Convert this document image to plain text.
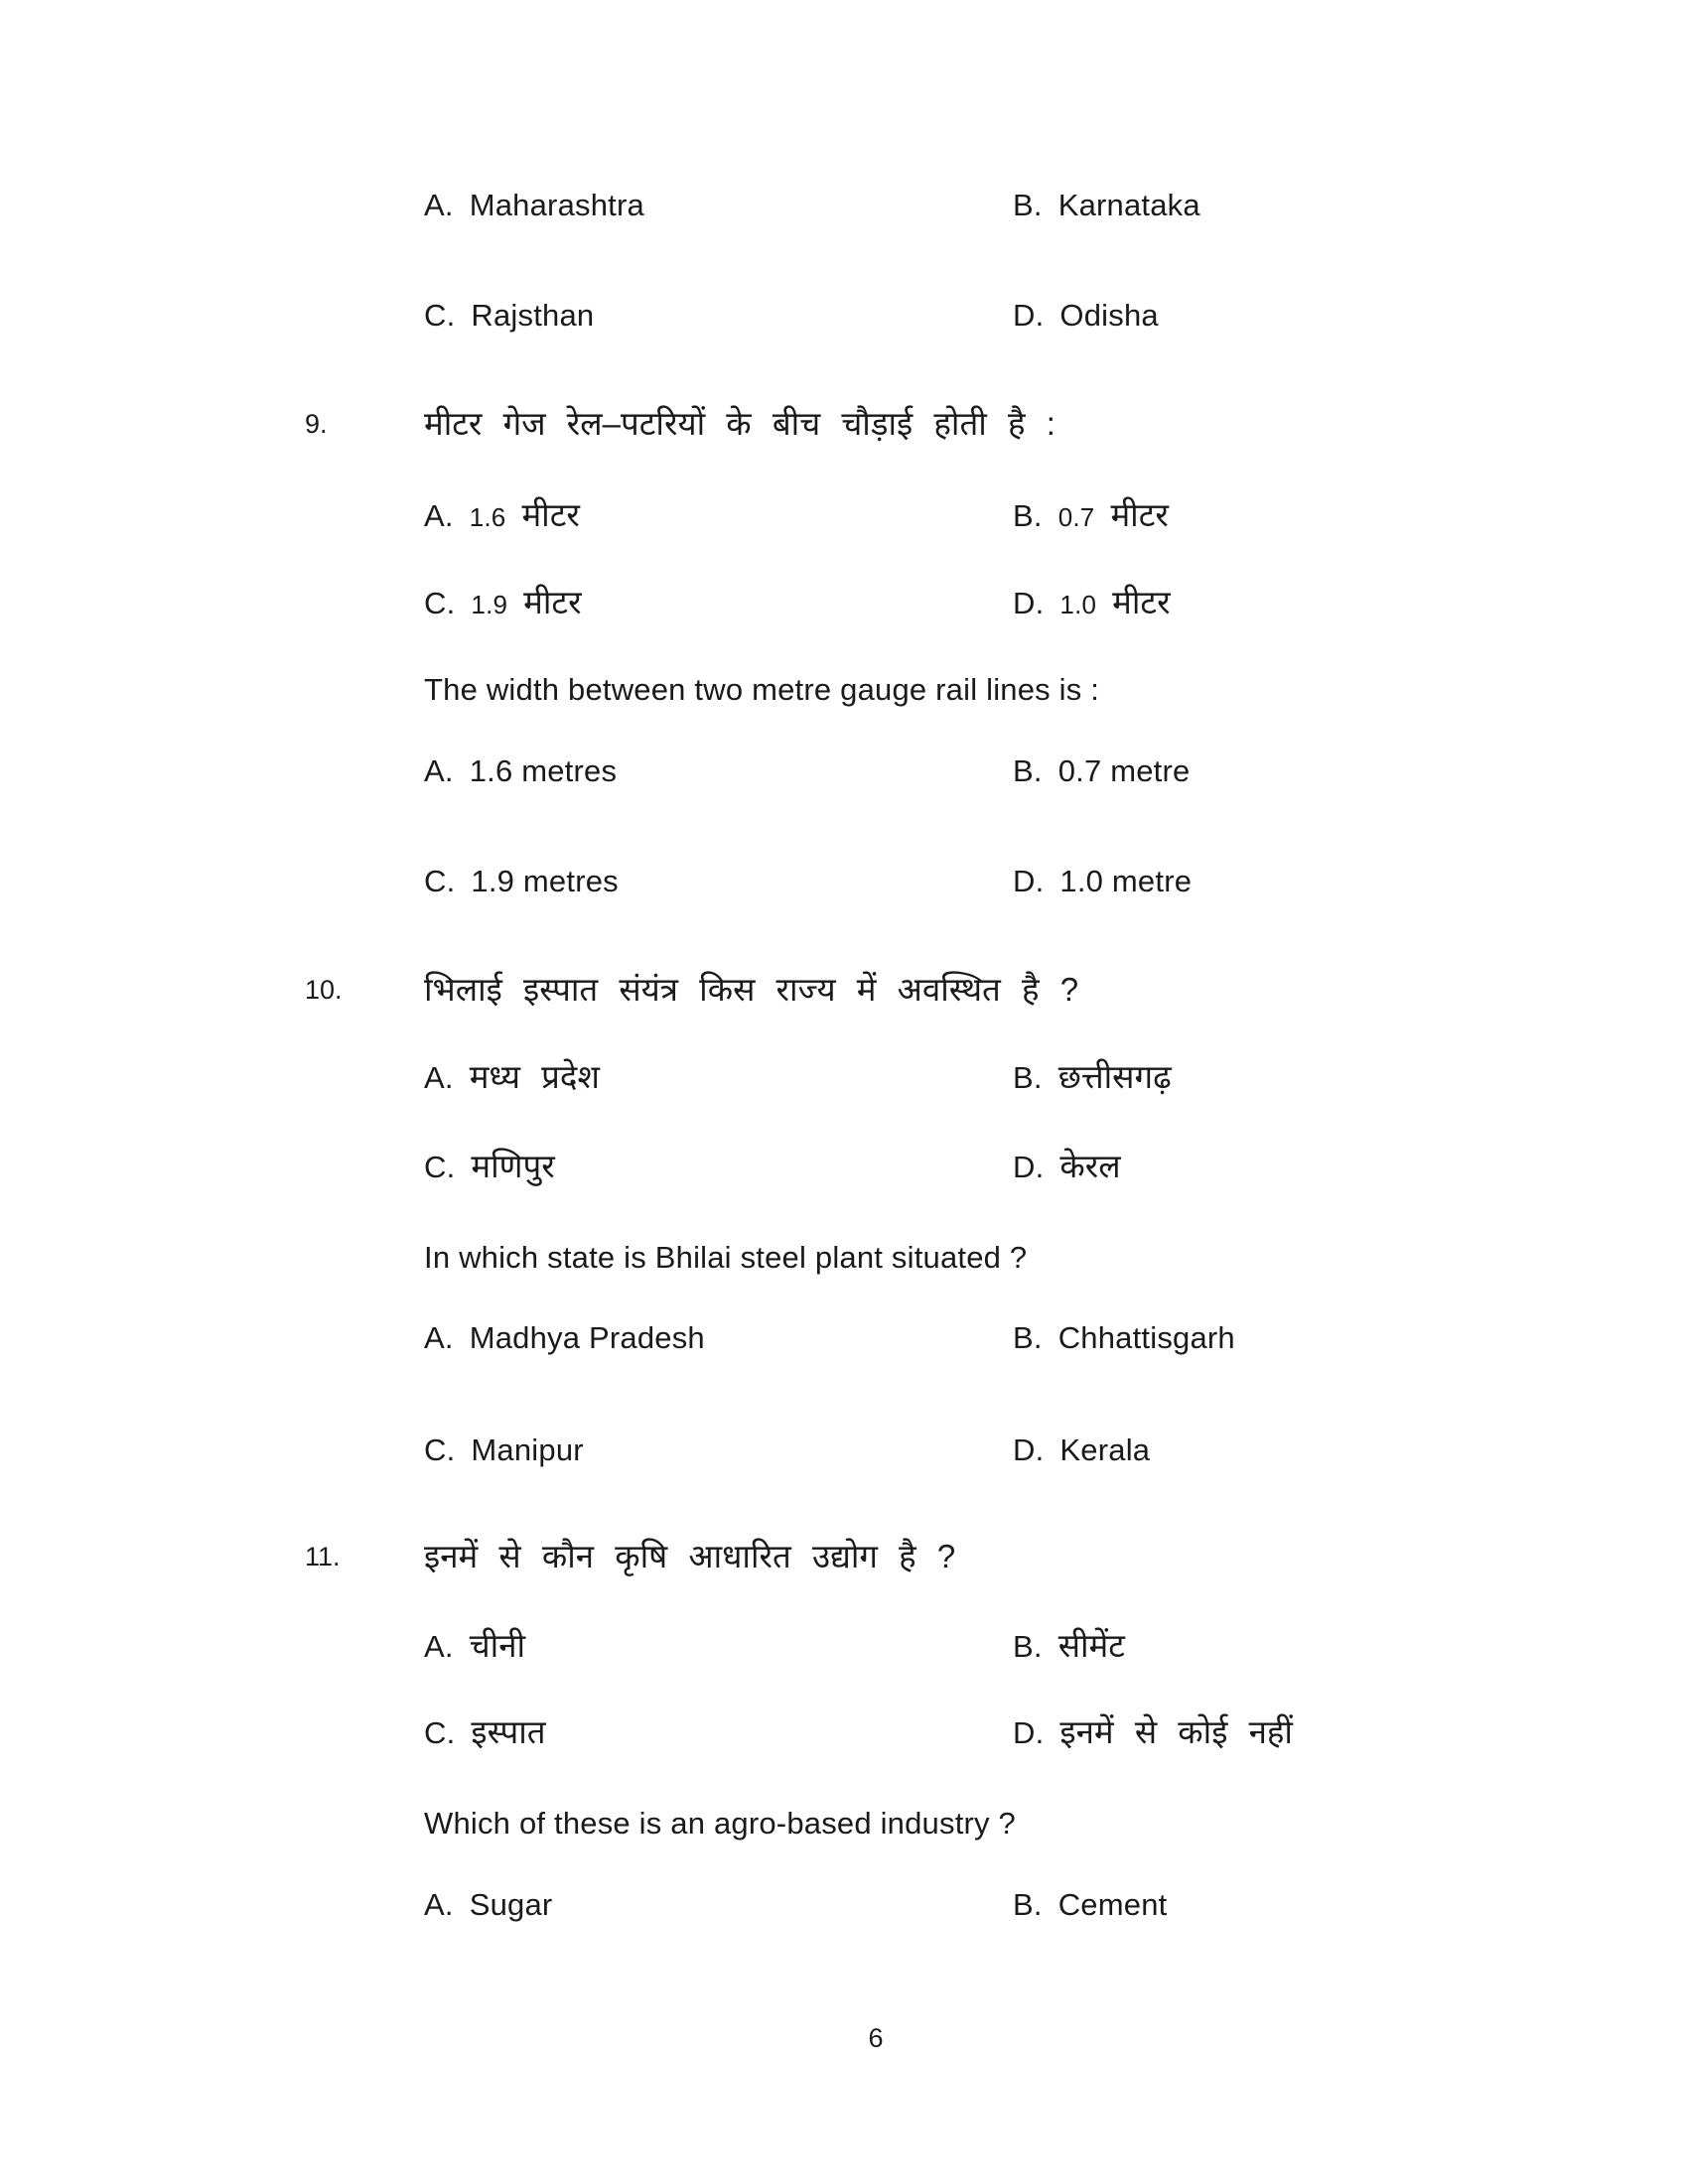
A. Maharashtra	B. Karnataka
C. Rajsthan	D. Odisha
9.	मीटर गेज रेल–पटरियों के बीच चौड़ाई होती है :
A. 1.6 मीटर	B. 0.7 मीटर
C. 1.9 मीटर	D. 1.0 मीटर
The width between two metre gauge rail lines is :
A. 1.6 metres	B. 0.7 metre
C. 1.9 metres	D. 1.0 metre
10. भिलाई इस्पात संयंत्र किस राज्य में अवस्थित है ?
A. मध्य प्रदेश	B. छत्तीसगढ़
C. मणिपुर	D. केरल
In which state is Bhilai steel plant situated ?
A. Madhya Pradesh	B. Chhattisgarh
C. Manipur	D. Kerala
11.	इनमें से कौन कृषि आधारित उद्योग है ?
A. चीनी	B. सीमेंट
C. इस्पात	D. इनमें से कोई नहीं
Which of these is an agro-based industry ?
A. Sugar	B. Cement
6
